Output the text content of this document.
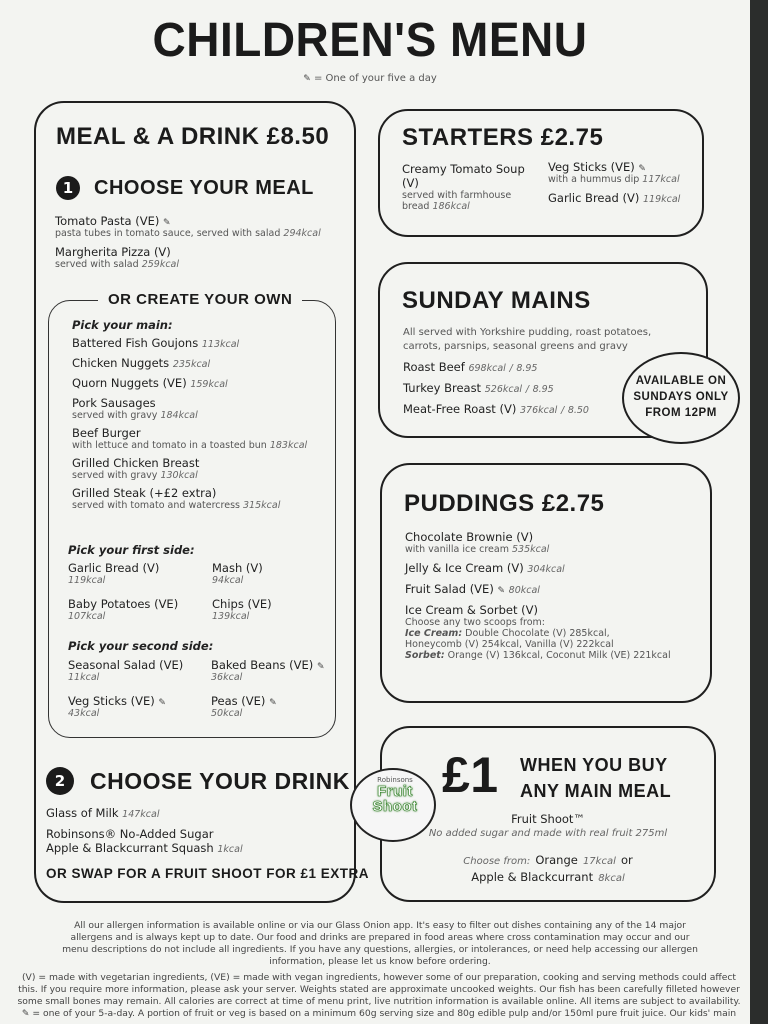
CHILDREN'S MENU
✎ = One of your five a day
MEAL & A DRINK £8.50
1	CHOOSE YOUR MEAL
Tomato Pasta (VE) ✎
pasta tubes in tomato sauce, served with salad 294kcal
Margherita Pizza (V)
served with salad 259kcal
OR CREATE YOUR OWN
Pick your main:
Battered Fish Goujons 113kcal
Chicken Nuggets 235kcal
Quorn Nuggets (VE) 159kcal
Pork Sausages
served with gravy 184kcal
Beef Burger
with lettuce and tomato in a toasted bun 183kcal
Grilled Chicken Breast
served with gravy 130kcal
Grilled Steak (+£2 extra)
served with tomato and watercress 315kcal
Pick your first side:
Garlic Bread (V)
119kcal
Mash (V)
94kcal
Baby Potatoes (VE)
107kcal
Chips (VE)
139kcal
Pick your second side:
Seasonal Salad (VE)
11kcal
Baked Beans (VE) ✎
36kcal
Veg Sticks (VE) ✎
43kcal
Peas (VE) ✎
50kcal
2	CHOOSE YOUR DRINK
Glass of Milk 147kcal
Robinsons® No-Added Sugar
Apple & Blackcurrant Squash 1kcal
OR SWAP FOR A FRUIT SHOOT FOR £1 EXTRA
STARTERS £2.75
Creamy Tomato Soup (V)
served with farmhouse bread 186kcal
Veg Sticks (VE) ✎
with a hummus dip 117kcal
Garlic Bread (V) 119kcal
SUNDAY MAINS
All served with Yorkshire pudding, roast potatoes, carrots, parsnips, seasonal greens and gravy
Roast Beef 698kcal / 8.95
Turkey Breast 526kcal / 8.95
Meat-Free Roast (V) 376kcal / 8.50
AVAILABLE ON
SUNDAYS ONLY
FROM 12PM
PUDDINGS £2.75
Chocolate Brownie (V)
with vanilla ice cream 535kcal
Jelly & Ice Cream (V) 304kcal
Fruit Salad (VE) ✎ 80kcal
Ice Cream & Sorbet (V)
Choose any two scoops from:
Ice Cream: Double Chocolate (V) 285kcal,
Honeycomb (V) 254kcal, Vanilla (V) 222kcal
Sorbet: Orange (V) 136kcal, Coconut Milk (VE) 221kcal
Robinsons
Fruit
Shoot
£1 WHEN YOU BUY
ANY MAIN MEAL
Fruit Shoot™
No added sugar and made with real fruit 275ml
Choose from: Orange 17kcal or
Apple & Blackcurrant 8kcal
All our allergen information is available online or via our Glass Onion app. It's easy to filter out dishes containing any of the 14 major
allergens and is always kept up to date. Our food and drinks are prepared in food areas where cross contamination may occur and our
menu descriptions do not include all ingredients. If you have any questions, allergies, or intolerances, or need help accessing our allergen
information, please let us know before ordering.
(V) = made with vegetarian ingredients, (VE) = made with vegan ingredients, however some of our preparation, cooking and serving methods could affect
this. If you require more information, please ask your server. Weights stated are approximate uncooked weights. Our fish has been carefully filleted however
some small bones may remain. All calories are correct at time of menu print, live nutrition information is available online. All items are subject to availability.
✎ = one of your 5-a-day. A portion of fruit or veg is based on a minimum 60g serving size and 80g edible pulp and/or 150ml pure fruit juice. Our kids' main
